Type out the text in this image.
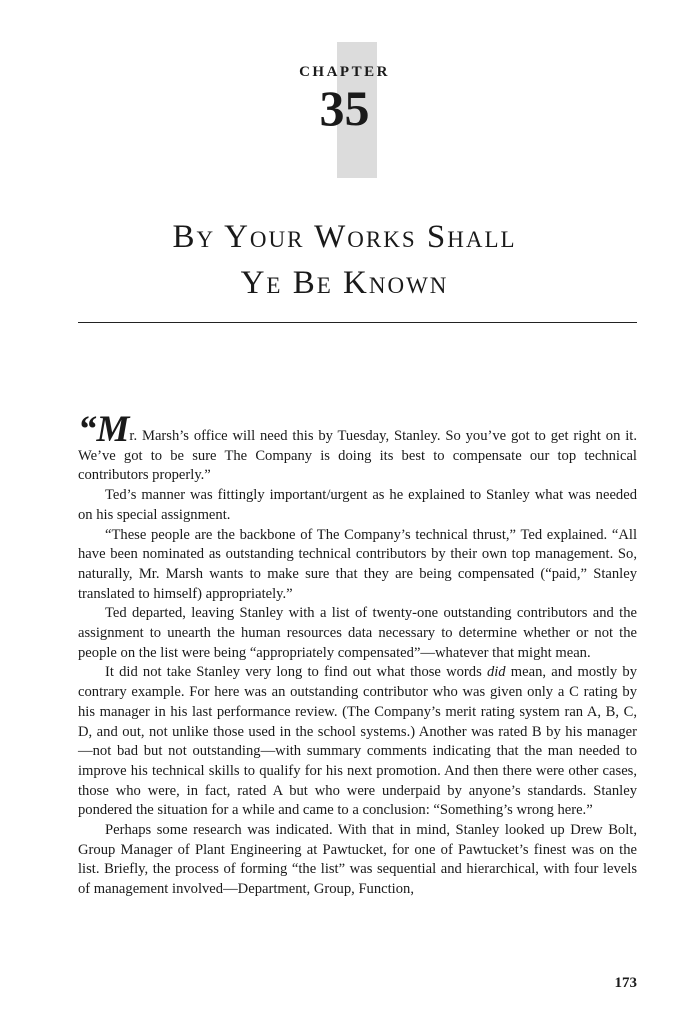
CHAPTER
35
By Your Works Shall
Ye Be Known

“Mr. Marsh’s office will need this by Tuesday, Stanley. So you’ve got to get right on it. We’ve got to be sure The Company is doing its best to compensate our top technical contributors properly.”

Ted’s manner was fittingly important/urgent as he explained to Stanley what was needed on his special assignment.

“These people are the backbone of The Company’s technical thrust,” Ted explained. “All have been nominated as outstanding technical contributors by their own top management. So, naturally, Mr. Marsh wants to make sure that they are being compensated (“paid,” Stanley translated to himself) appropriately.”

Ted departed, leaving Stanley with a list of twenty-one outstanding contributors and the assignment to unearth the human resources data necessary to determine whether or not the people on the list were being “appropriately compensated”—whatever that might mean.

It did not take Stanley very long to find out what those words did mean, and mostly by contrary example. For here was an outstanding contributor who was given only a C rating by his manager in his last performance review. (The Company’s merit rating system ran A, B, C, D, and out, not unlike those used in the school systems.) Another was rated B by his manager—not bad but not outstanding—with summary comments indicating that the man needed to improve his technical skills to qualify for his next promotion. And then there were other cases, those who were, in fact, rated A but who were underpaid by anyone’s standards. Stanley pondered the situation for a while and came to a conclusion: “Something’s wrong here.”

Perhaps some research was indicated. With that in mind, Stanley looked up Drew Bolt, Group Manager of Plant Engineering at Pawtucket, for one of Pawtucket’s finest was on the list. Briefly, the process of forming “the list” was sequential and hierarchical, with four levels of management involved—Department, Group, Function,

173
